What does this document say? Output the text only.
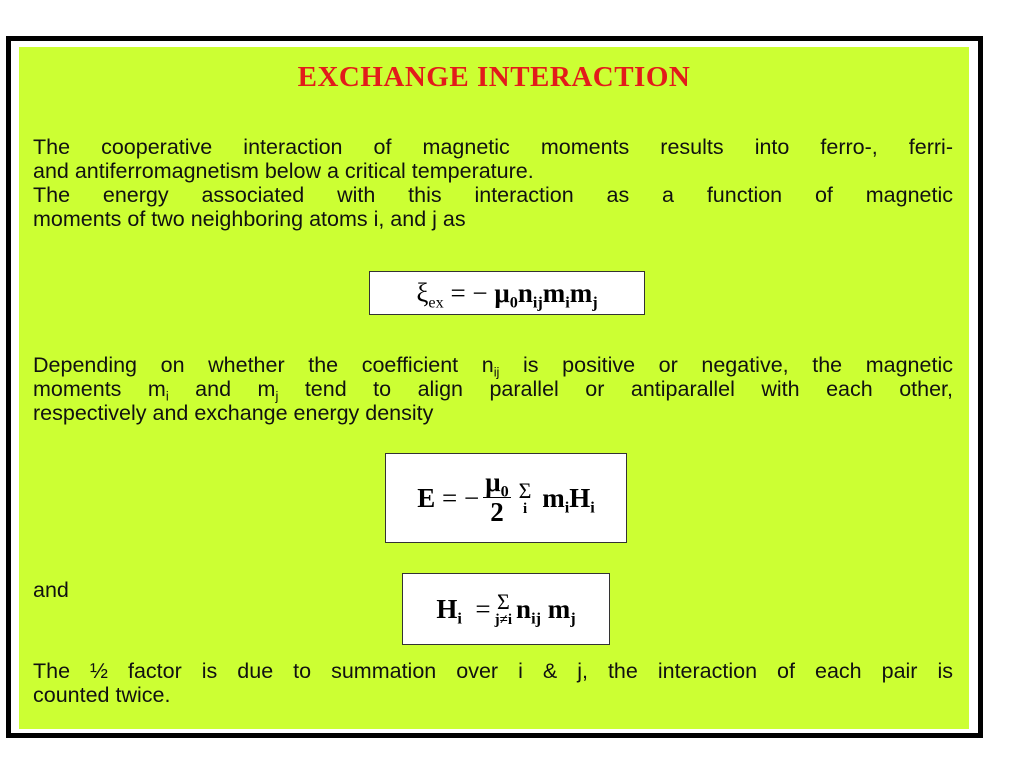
EXCHANGE INTERACTION
The cooperative interaction of magnetic moments results into ferro-, ferri-
and antiferromagnetism below a critical temperature.
The energy associated with this interaction as a function of magnetic
moments of two neighboring atoms i, and j as
$\xi_{ex}$ = − $\mu_0n_{ij}m_im_j$
Depending on whether the coefficient $n_{ij}$ is positive or negative, the magnetic
moments $m_i$ and $m_j$ tend to align parallel or antiparallel with each other,
respectively and exchange energy density
E = − $\frac{\mu_0}{2}$ Σ
i
$m_iH_i$
and
$H_i = \Sigma$
j≠i $n_{ij}$ $m_j$
The ½ factor is due to summation over i & j, the interaction of each pair is
counted twice.
